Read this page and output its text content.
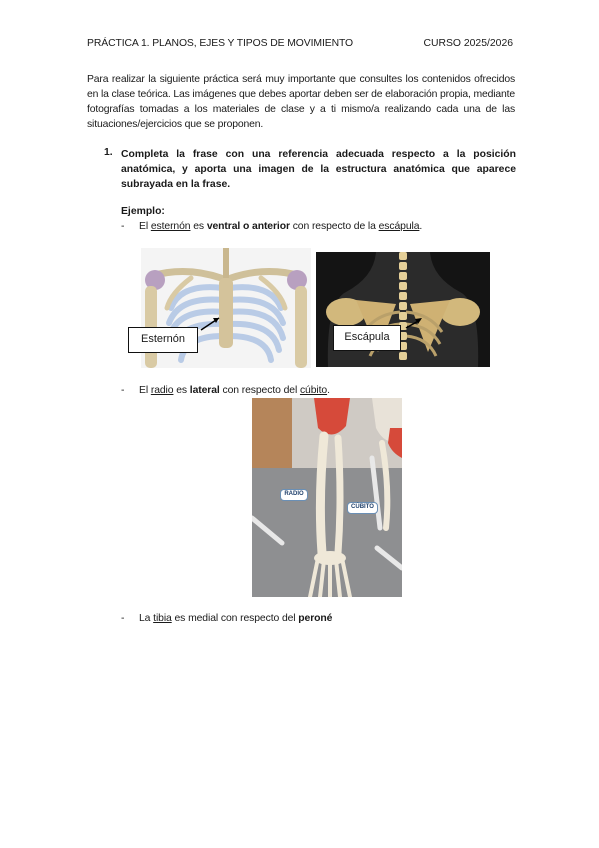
PRÁCTICA 1. PLANOS, EJES Y TIPOS DE MOVIMIENTO	CURSO 2025/2026
Para realizar la siguiente práctica será muy importante que consultes los contenidos ofrecidos en la clase teórica. Las imágenes que debes aportar deben ser de elaboración propia, mediante fotografías tomadas a los materiales de clase y a ti mismo/a realizando cada una de las situaciones/ejercicios que se proponen.
1. Completa la frase con una referencia adecuada respecto a la posición anatómica, y aporta una imagen de la estructura anatómica que aparece subrayada en la frase.
Ejemplo:
- El esternón es ventral o anterior con respecto de la escápula.
Esternón	Escápula
- El radio es lateral con respecto del cúbito.
RADIO
CÚBITO
- La tibia es medial con respecto del peroné
